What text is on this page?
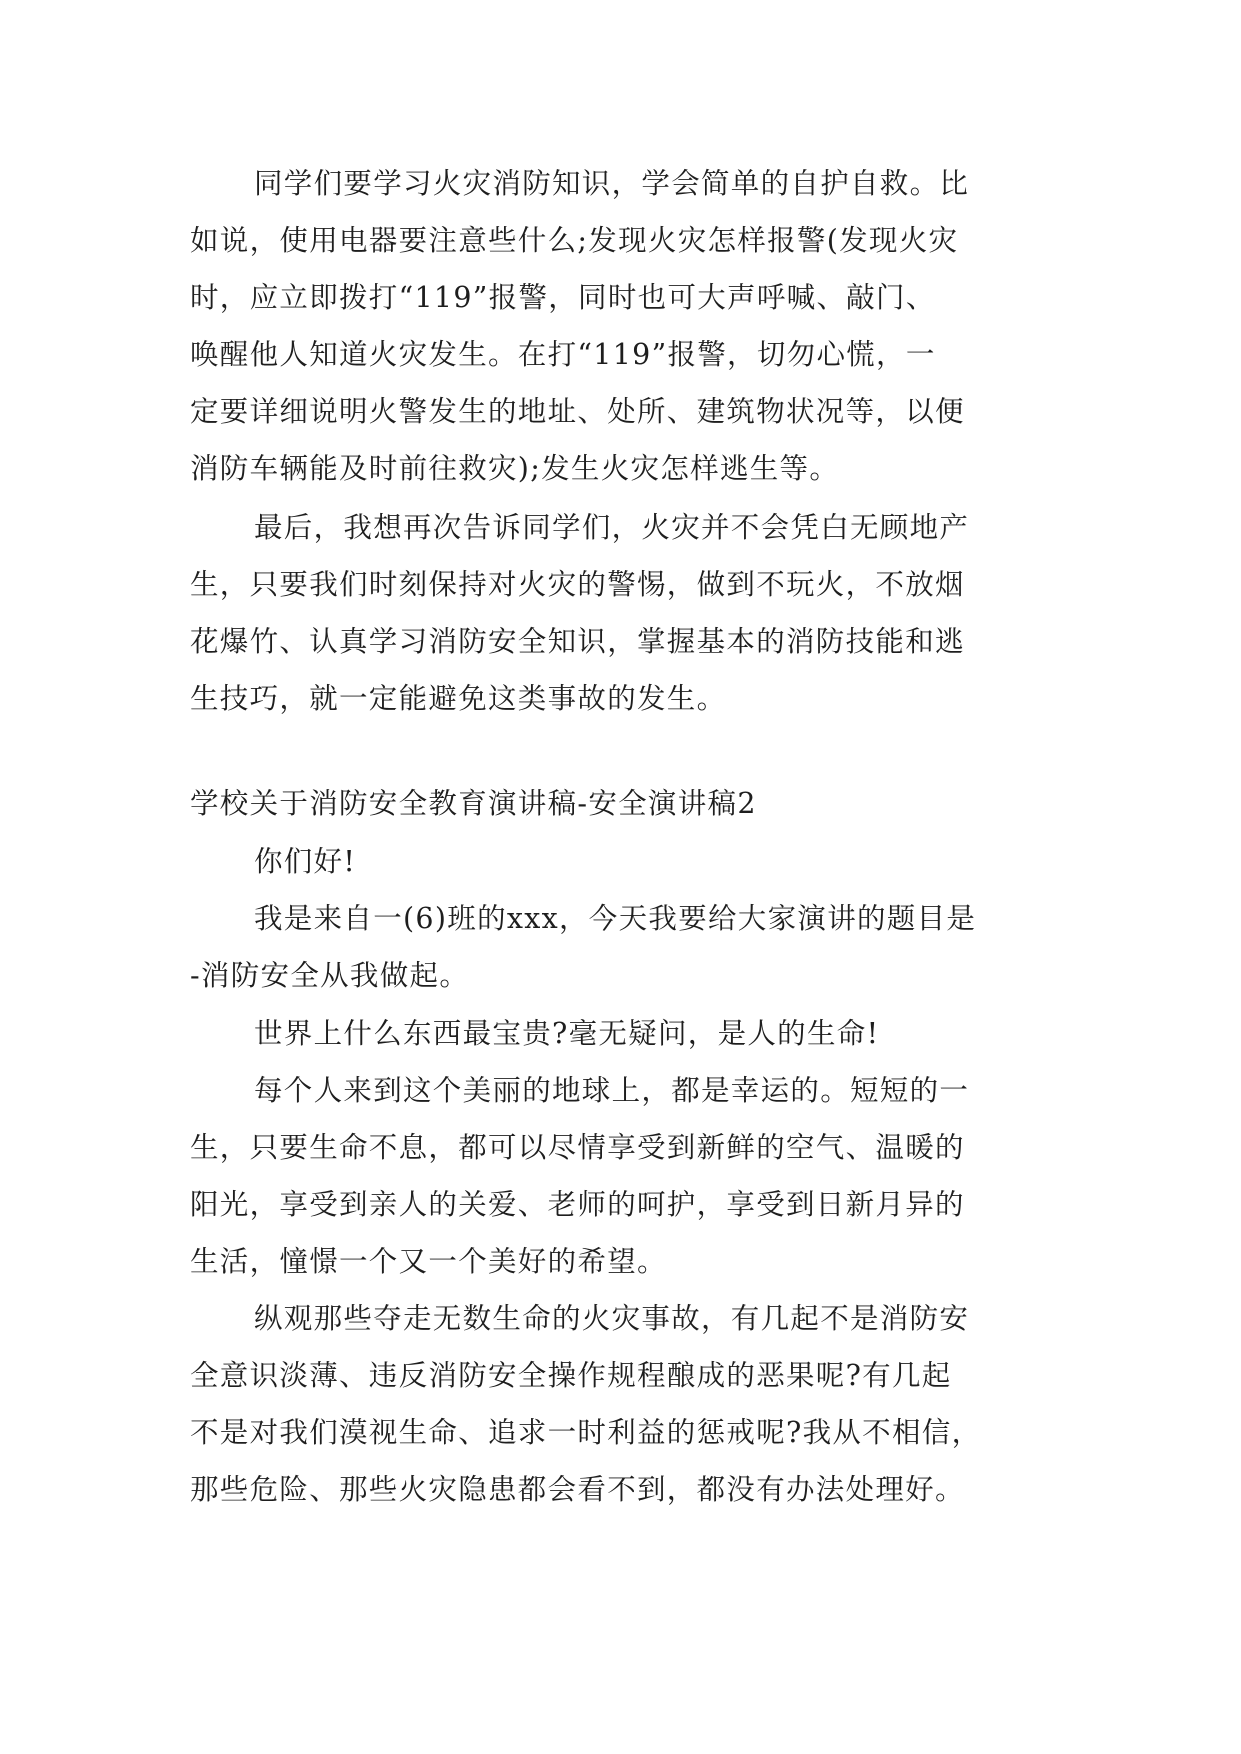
同学们要学习火灾消防知识，学会简单的自护自救。比
如说，使用电器要注意些什么;发现火灾怎样报警(发现火灾
时，应立即拨打“119”报警，同时也可大声呼喊、敲门、
唤醒他人知道火灾发生。在打“119”报警，切勿心慌，一
定要详细说明火警发生的地址、处所、建筑物状况等，以便
消防车辆能及时前往救灾);发生火灾怎样逃生等。
最后，我想再次告诉同学们，火灾并不会凭白无顾地产
生，只要我们时刻保持对火灾的警惕，做到不玩火，不放烟
花爆竹、认真学习消防安全知识，掌握基本的消防技能和逃
生技巧，就一定能避免这类事故的发生。
学校关于消防安全教育演讲稿-安全演讲稿2
你们好!
我是来自一(6)班的xxx，今天我要给大家演讲的题目是
-消防安全从我做起。
世界上什么东西最宝贵?毫无疑问，是人的生命!
每个人来到这个美丽的地球上，都是幸运的。短短的一
生，只要生命不息，都可以尽情享受到新鲜的空气、温暖的
阳光，享受到亲人的关爱、老师的呵护，享受到日新月异的
生活，憧憬一个又一个美好的希望。
纵观那些夺走无数生命的火灾事故，有几起不是消防安
全意识淡薄、违反消防安全操作规程酿成的恶果呢?有几起
不是对我们漠视生命、追求一时利益的惩戒呢?我从不相信，
那些危险、那些火灾隐患都会看不到，都没有办法处理好。
